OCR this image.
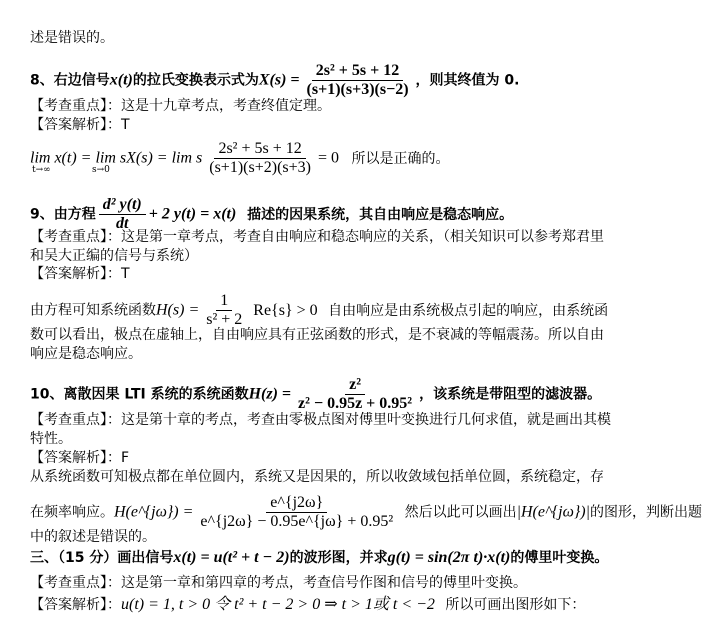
述是错误的。
8、右边信号x(t)的拉氏变换表示式为$X(s) = \frac{\text{2s² + 5s + 12}}{(s+1)(s+3)(s-2)}$ ，则其终值为 0.
【考查重点】：这是十九章考点，考查终值定理。
【答案解析】：T
lim x(t) = lim sX(s) = lim s $\frac{\text{2s² + 5s + 12}}{(s+1)(s+2)(s+3)} = 0$ 所以是正确的。
t→∞	s→0
9、由方程 $\frac{\text{d² y(t)}}{dt} + 2$ y(t) = x(t) 描述的因果系统，其自由响应是稳态响应。
【考查重点】：这是第一章考点，考查自由响应和稳态响应的关系，（相关知识可以参考郑君里
和吴大正编的信号与系统）
【答案解析】：T
由方程可知系统函数$H(s) = \frac{1}{\text{s² + 2}} Re\{s\} > 0$ 自由响应是由系统极点引起的响应，由系统函
数可以看出，极点在虚轴上，自由响应具有正弦函数的形式，是不衰减的等幅震荡。所以自由
响应是稳态响应。
10、离散因果 LTI 系统的系统函数$H(z) = \frac{\text{z²}}{\text{z² − 0.95z + 0.95²}}$ ，该系统是带阻型的滤波器。
【考查重点】：这是第十章的考点，考查由零极点图对傅里叶变换进行几何求值，就是画出其模
特性。
【答案解析】：F
从系统函数可知极点都在单位圆内，系统又是因果的，所以收敛域包括单位圆，系统稳定，存
在频率响应。H(e^{jω}) = $\frac{e\^{}\{j2\omega\}}{\text{e\textasciicircum{}\{j2ω\} − 0.95e\textasciicircum{}\{jω\} + 0.95²}}$ 然后以此可以画出|H(e^{jω})|的图形，判断出题
中的叙述是错误的。
三、（15 分）画出信号x(t) = u(t² + t − 2)的波形图，并求g(t) = sin(2π t)·x(t)的傅里叶变换。
【考查重点】：这是第一章和第四章的考点，考查信号作图和信号的傅里叶变换。
【答案解析】：u(t) = 1, t > 0 令 t² + t − 2 > 0 ⇒ t > 1或 t < −2 所以可画出图形如下：
